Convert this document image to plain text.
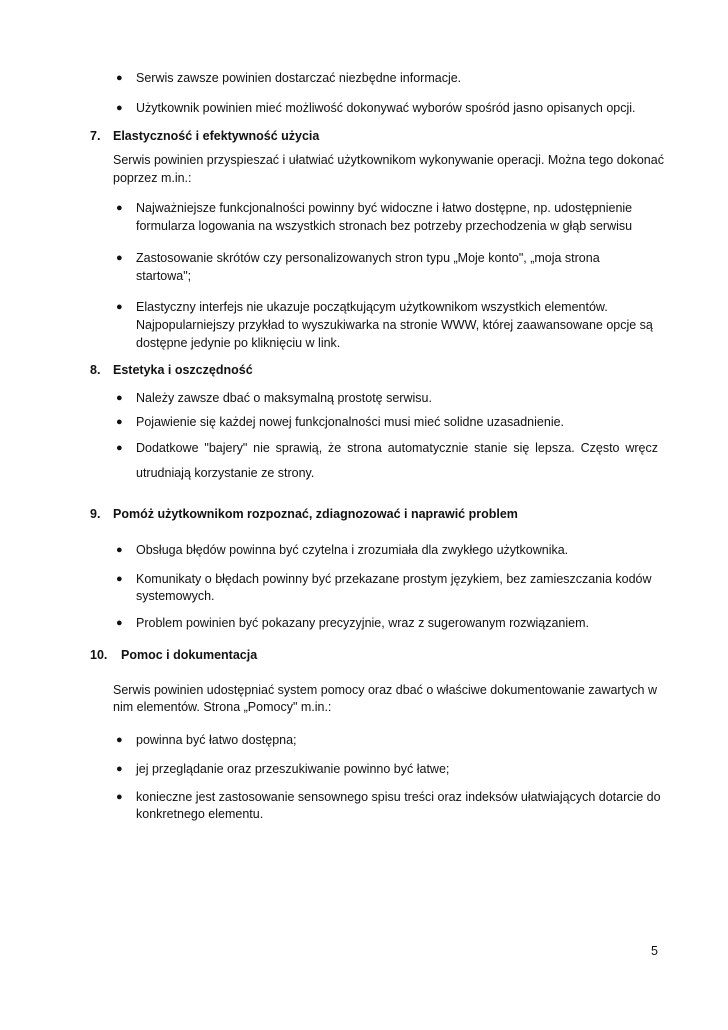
● Serwis zawsze powinien dostarczać niezbędne informacje.
● Użytkownik powinien mieć możliwość dokonywać wyborów spośród jasno opisanych opcji.
7. Elastyczność i efektywność użycia
Serwis powinien przyspieszać i ułatwiać użytkownikom wykonywanie operacji. Można tego dokonać
poprzez m.in.:
● Najważniejsze funkcjonalności powinny być widoczne i łatwo dostępne, np. udostępnienie
formularza logowania na wszystkich stronach bez potrzeby przechodzenia w głąb serwisu
● Zastosowanie skrótów czy personalizowanych stron typu „Moje konto", „moja strona
startowa";
● Elastyczny interfejs nie ukazuje początkującym użytkownikom wszystkich elementów.
Najpopularniejszy przykład to wyszukiwarka na stronie WWW, której zaawansowane opcje są
dostępne jedynie po kliknięciu w link.
8. Estetyka i oszczędność
● Należy zawsze dbać o maksymalną prostotę serwisu.
● Pojawienie się każdej nowej funkcjonalności musi mieć solidne uzasadnienie.
● Dodatkowe "bajery" nie sprawią, że strona automatycznie stanie się lepsza. Często wręcz
utrudniają korzystanie ze strony.
9. Pomóż użytkownikom rozpoznać, zdiagnozować i naprawić problem
● Obsługa błędów powinna być czytelna i zrozumiała dla zwykłego użytkownika.
● Komunikaty o błędach powinny być przekazane prostym językiem, bez zamieszczania kodów
systemowych.
● Problem powinien być pokazany precyzyjnie, wraz z sugerowanym rozwiązaniem.
10. Pomoc i dokumentacja
Serwis powinien udostępniać system pomocy oraz dbać o właściwe dokumentowanie zawartych w
nim elementów. Strona „Pomocy" m.in.:
● powinna być łatwo dostępna;
● jej przeglądanie oraz przeszukiwanie powinno być łatwe;
● konieczne jest zastosowanie sensownego spisu treści oraz indeksów ułatwiających dotarcie do
konkretnego elementu.
5
